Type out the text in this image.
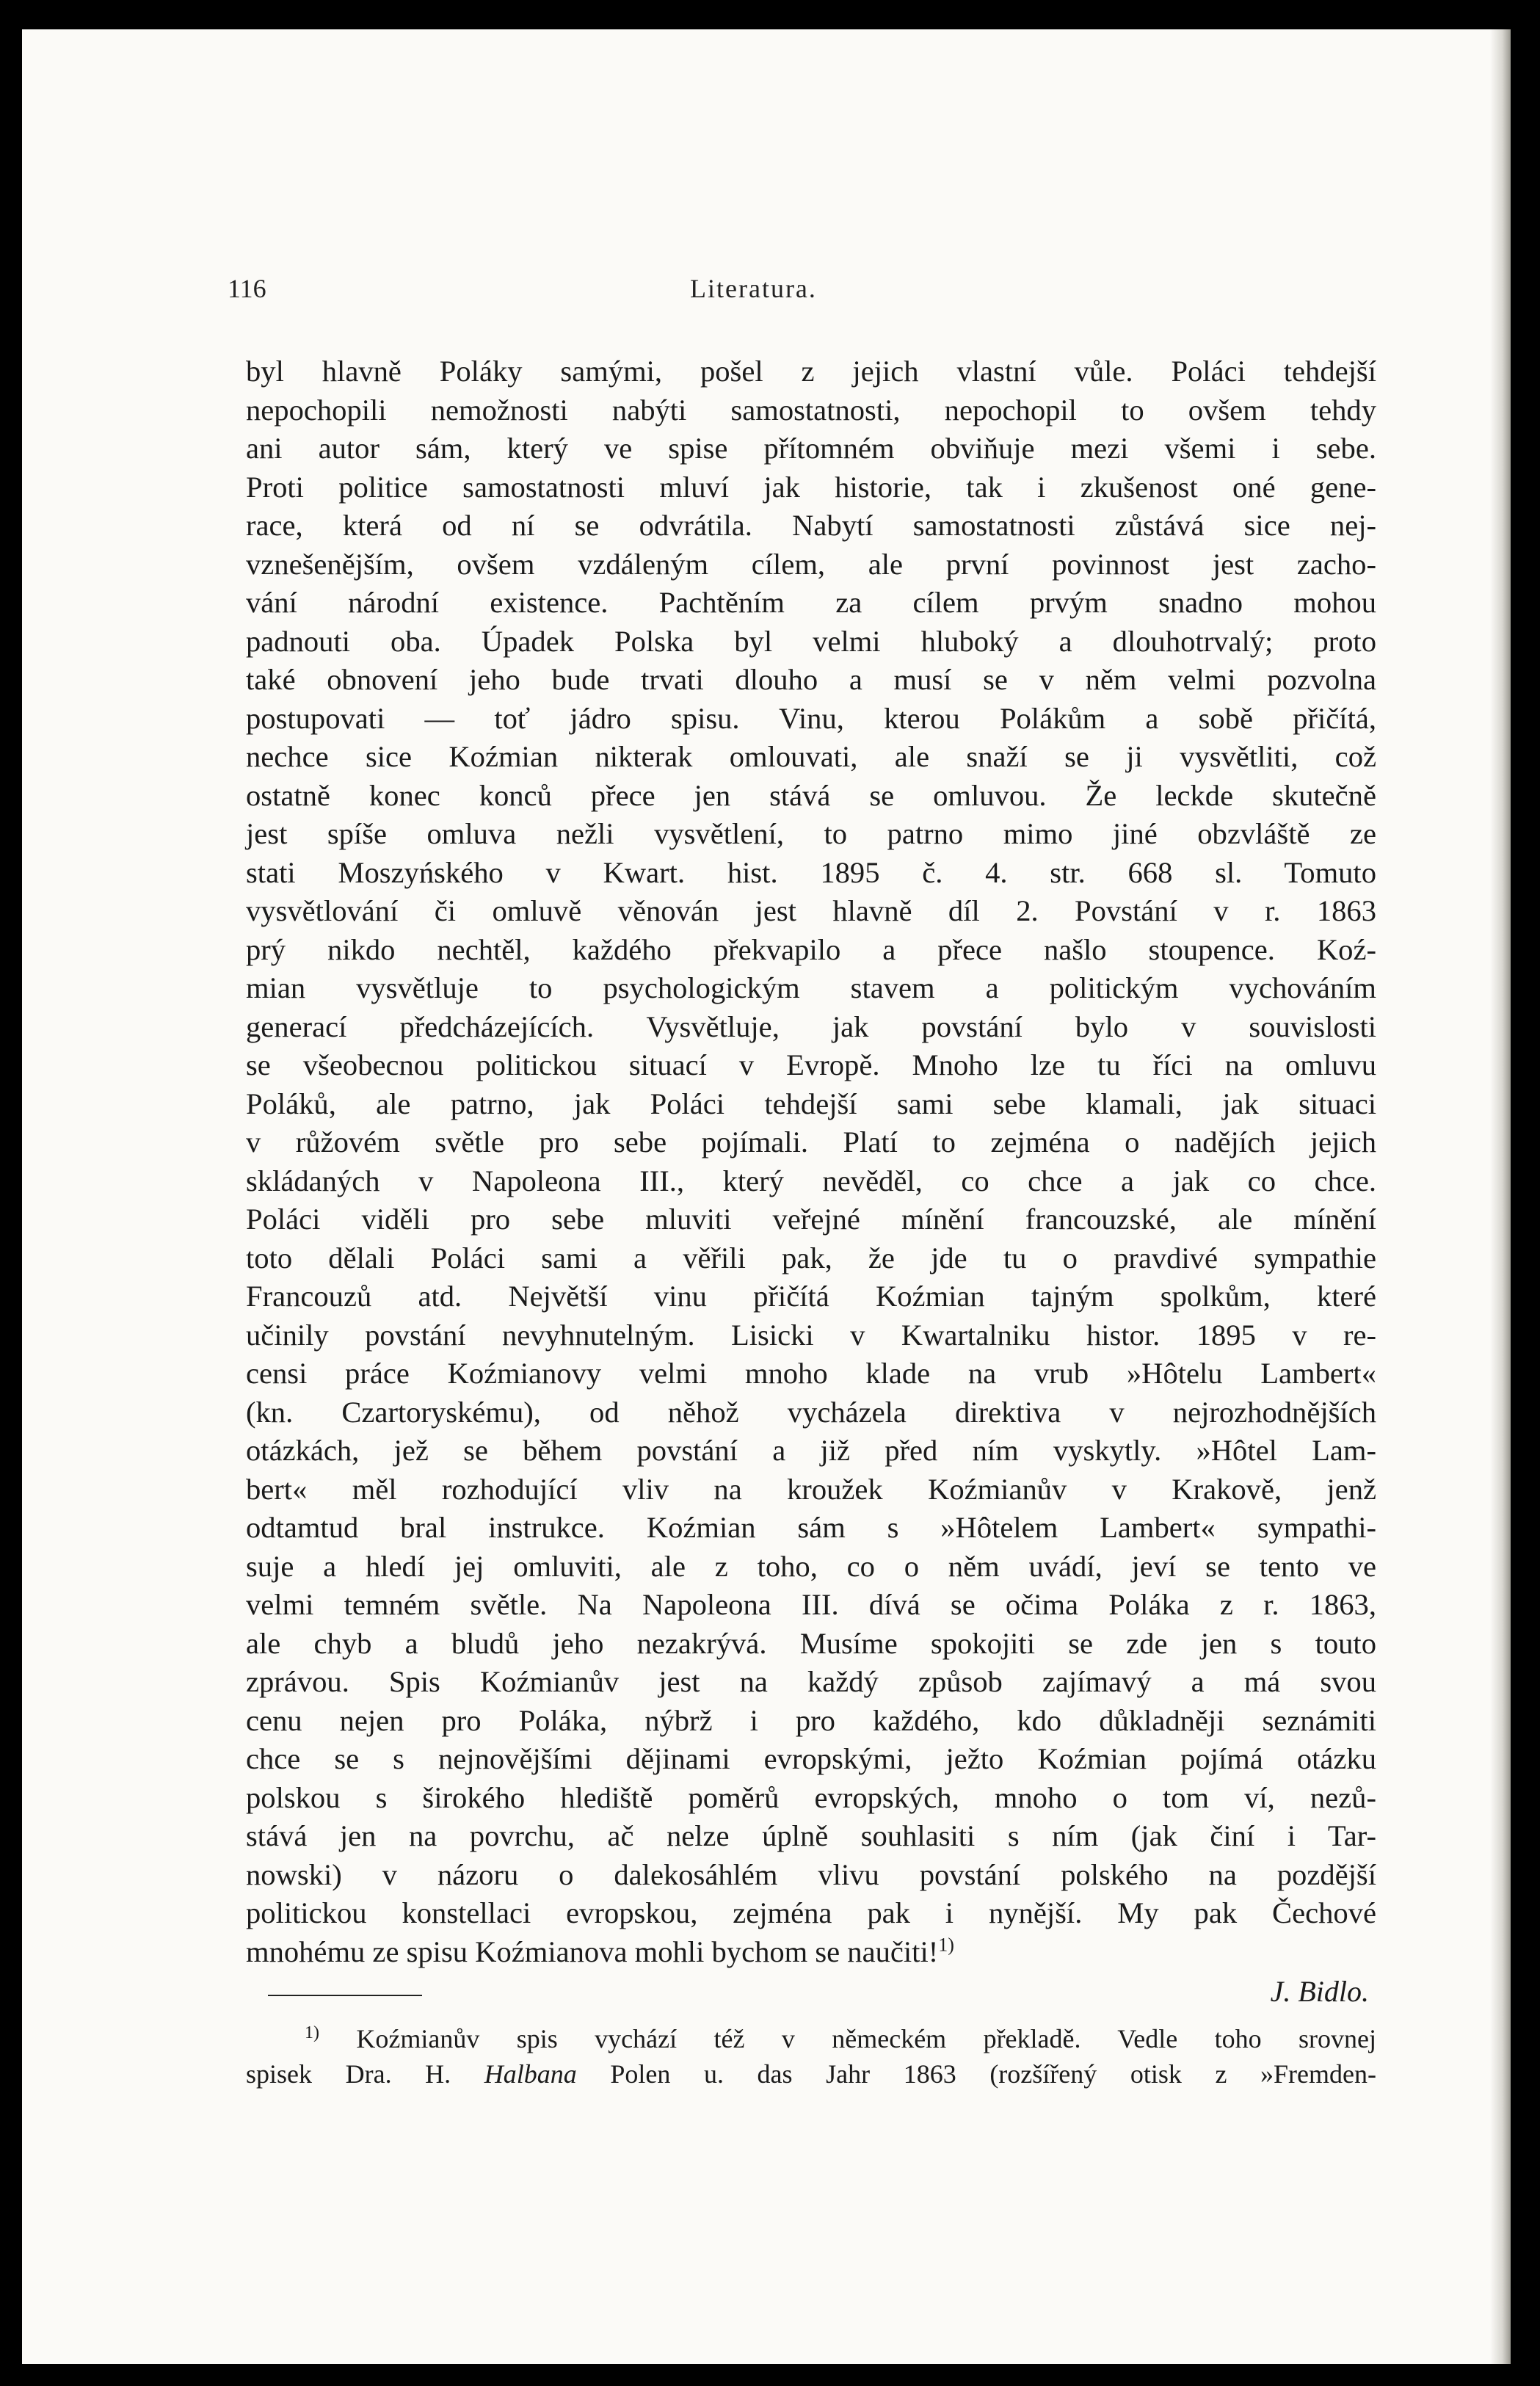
116	Literatura.
byl hlavně Poláky samými, pošel z jejich vlastní vůle. Poláci tehdejší
nepochopili nemožnosti nabýti samostatnosti, nepochopil to ovšem tehdy
ani autor sám, který ve spise přítomném obviňuje mezi všemi i sebe.
Proti politice samostatnosti mluví jak historie, tak i zkušenost oné gene-
race, která od ní se odvrátila. Nabytí samostatnosti zůstává sice nej-
vznešenějším, ovšem vzdáleným cílem, ale první povinnost jest zacho-
vání národní existence. Pachtěním za cílem prvým snadno mohou
padnouti oba. Úpadek Polska byl velmi hluboký a dlouhotrvalý; proto
také obnovení jeho bude trvati dlouho a musí se v něm velmi pozvolna
postupovati — toť jádro spisu. Vinu, kterou Polákům a sobě přičítá,
nechce sice Koźmian nikterak omlouvati, ale snaží se ji vysvětliti, což
ostatně konec konců přece jen stává se omluvou. Že leckde skutečně
jest spíše omluva nežli vysvětlení, to patrno mimo jiné obzvláště ze
stati Moszyńského v Kwart. hist. 1895 č. 4. str. 668 sl. Tomuto
vysvětlování či omluvě věnován jest hlavně díl 2. Povstání v r. 1863
prý nikdo nechtěl, každého překvapilo a přece našlo stoupence. Koź-
mian vysvětluje to psychologickým stavem a politickým vychováním
generací předcházejících. Vysvětluje, jak povstání bylo v souvislosti
se všeobecnou politickou situací v Evropě. Mnoho lze tu říci na omluvu
Poláků, ale patrno, jak Poláci tehdejší sami sebe klamali, jak situaci
v růžovém světle pro sebe pojímali. Platí to zejména o nadějích jejich
skládaných v Napoleona III., který nevěděl, co chce a jak co chce.
Poláci viděli pro sebe mluviti veřejné mínění francouzské, ale mínění
toto dělali Poláci sami a věřili pak, že jde tu o pravdivé sympathie
Francouzů atd. Největší vinu přičítá Koźmian tajným spolkům, které
učinily povstání nevyhnutelným. Lisicki v Kwartalniku histor. 1895 v re-
censi práce Koźmianovy velmi mnoho klade na vrub »Hôtelu Lambert«
(kn. Czartoryskému), od něhož vycházela direktiva v nejrozhodnějších
otázkách, jež se během povstání a již před ním vyskytly. »Hôtel Lam-
bert« měl rozhodující vliv na kroužek Koźmianův v Krakově, jenž
odtamtud bral instrukce. Koźmian sám s »Hôtelem Lambert« sympathi-
suje a hledí jej omluviti, ale z toho, co o něm uvádí, jeví se tento ve
velmi temném světle. Na Napoleona III. dívá se očima Poláka z r. 1863,
ale chyb a bludů jeho nezakrývá. Musíme spokojiti se zde jen s touto
zprávou. Spis Koźmianův jest na každý způsob zajímavý a má svou
cenu nejen pro Poláka, nýbrž i pro každého, kdo důkladněji seznámiti
chce se s nejnovějšími dějinami evropskými, ježto Koźmian pojímá otázku
polskou s širokého hlediště poměrů evropských, mnoho o tom ví, nezů-
stává jen na povrchu, ač nelze úplně souhlasiti s ním (jak činí i Tar-
nowski) v názoru o dalekosáhlém vlivu povstání polského na pozdější
politickou konstellaci evropskou, zejména pak i nynější. My pak Čechové
mnohému ze spisu Koźmianova mohli bychom se naučiti!$^{1)}$
J. Bidlo.
$^{1)}$ Koźmianův spis vychází též v německém překladě. Vedle toho srovnej
spisek Dra. H. Halbana Polen u. das Jahr 1863 (rozšířený otisk z »Fremden-
